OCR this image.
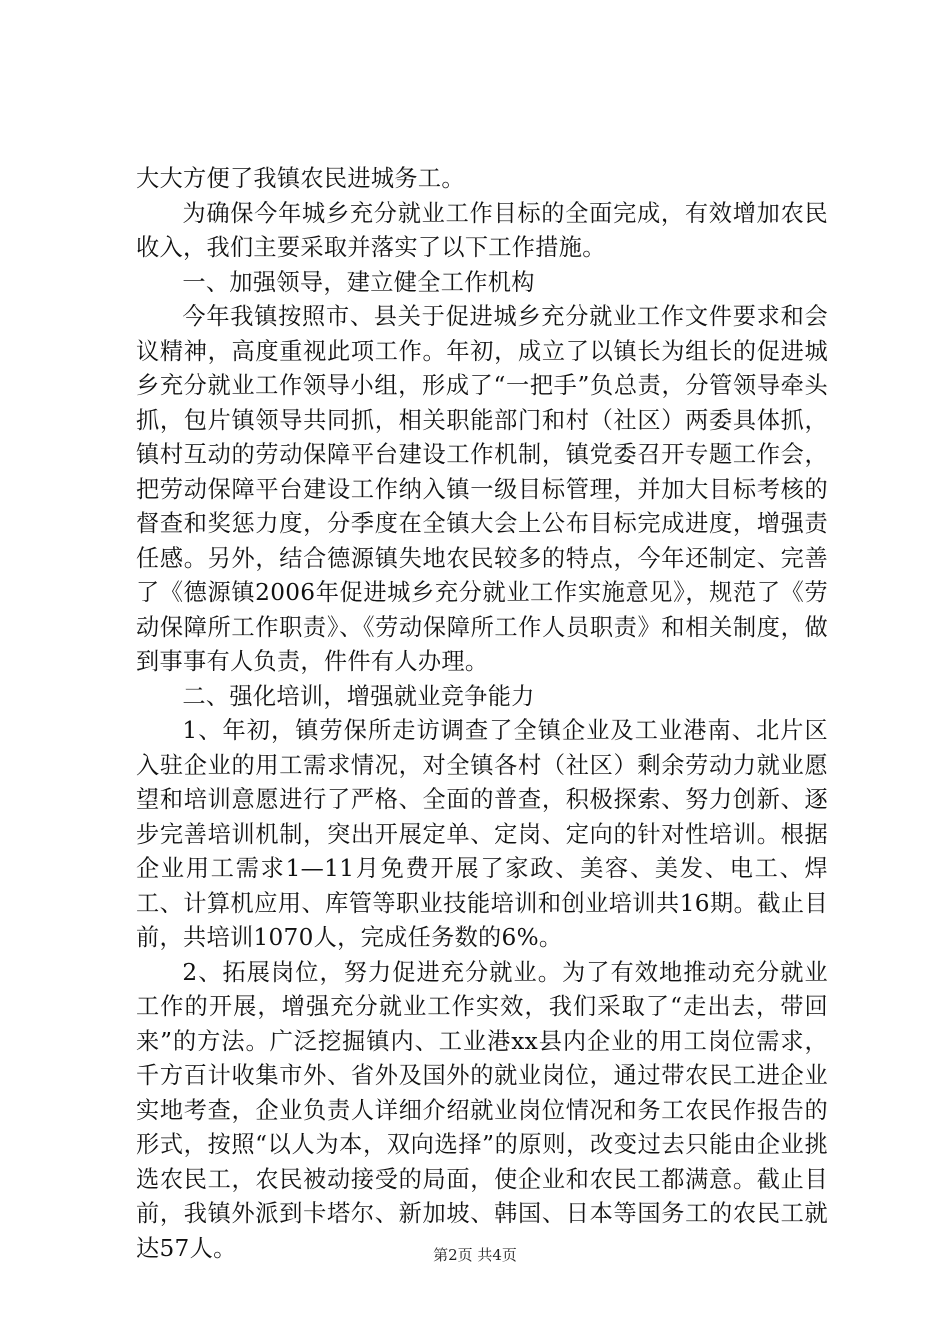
大大方便了我镇农民进城务工。

为确保今年城乡充分就业工作目标的全面完成，有效增加农民收入，我们主要采取并落实了以下工作措施。

一、加强领导，建立健全工作机构

今年我镇按照市、县关于促进城乡充分就业工作文件要求和会议精神，高度重视此项工作。年初，成立了以镇长为组长的促进城乡充分就业工作领导小组，形成了“一把手”负总责，分管领导牵头抓，包片镇领导共同抓，相关职能部门和村（社区）两委具体抓，镇村互动的劳动保障平台建设工作机制，镇党委召开专题工作会，把劳动保障平台建设工作纳入镇一级目标管理，并加大目标考核的督查和奖惩力度，分季度在全镇大会上公布目标完成进度，增强责任感。另外，结合德源镇失地农民较多的特点，今年还制定、完善了《德源镇2006年促进城乡充分就业工作实施意见》，规范了《劳动保障所工作职责》、《劳动保障所工作人员职责》和相关制度，做到事事有人负责，件件有人办理。

二、强化培训，增强就业竞争能力

1、年初，镇劳保所走访调查了全镇企业及工业港南、北片区入驻企业的用工需求情况，对全镇各村（社区）剩余劳动力就业愿望和培训意愿进行了严格、全面的普查，积极探索、努力创新、逐步完善培训机制，突出开展定单、定岗、定向的针对性培训。根据企业用工需求1—11月免费开展了家政、美容、美发、电工、焊工、计算机应用、库管等职业技能培训和创业培训共16期。截止目前，共培训1070人，完成任务数的6%。

2、拓展岗位，努力促进充分就业。为了有效地推动充分就业工作的开展，增强充分就业工作实效，我们采取了“走出去，带回来”的方法。广泛挖掘镇内、工业港xx县内企业的用工岗位需求，千方百计收集市外、省外及国外的就业岗位，通过带农民工进企业实地考查，企业负责人详细介绍就业岗位情况和务工农民作报告的形式，按照“以人为本，双向选择”的原则，改变过去只能由企业挑选农民工，农民被动接受的局面，使企业和农民工都满意。截止目前，我镇外派到卡塔尔、新加坡、韩国、日本等国务工的农民工就达57人。	第2页 共4页
